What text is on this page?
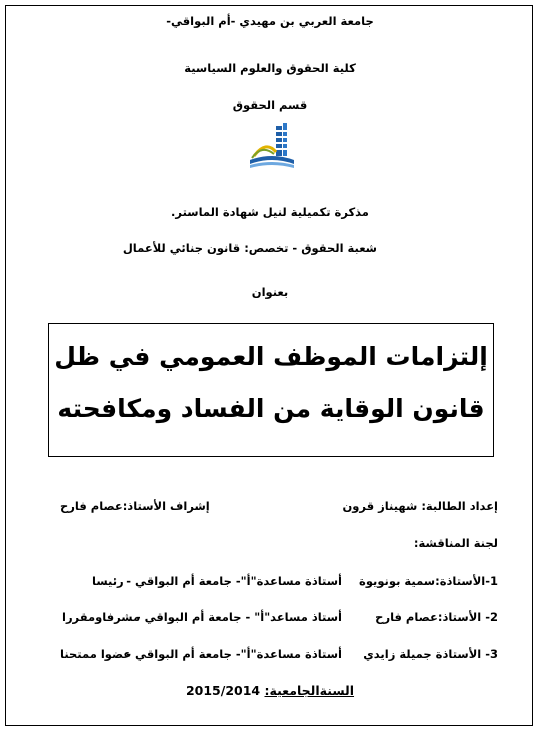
جامعة العربي بن مهيدي -أم البواقي-
كلية الحقوق والعلوم السياسية
قسم الحقوق
مذكرة تكميلية لنيل شهادة الماستر.
شعبة الحقوق - تخصص: قانون جنائي للأعمال
بعنوان
إلتزامات الموظف العمومي في ظل
قانون الوقاية من الفساد ومكافحته
إعداد الطالبة: شهيناز قرون
إشراف الأستاذ:عصام فارح
لجنة المناقشة:
1-الأستاذة:سمية بونويوة
أستاذة مساعدة"أ"- جامعة أم البواقي -
رئيسا
2- الأستاذ:عصام فارح
أستاذ مساعد"أ" - جامعة أم البواقي -
مشرفاومقررا
3- الأستاذة جميلة زايدي
أستاذة مساعدة"أ"- جامعة أم البواقي -
عضوا ممتحنا
السنةالجامعية: 2015/2014
